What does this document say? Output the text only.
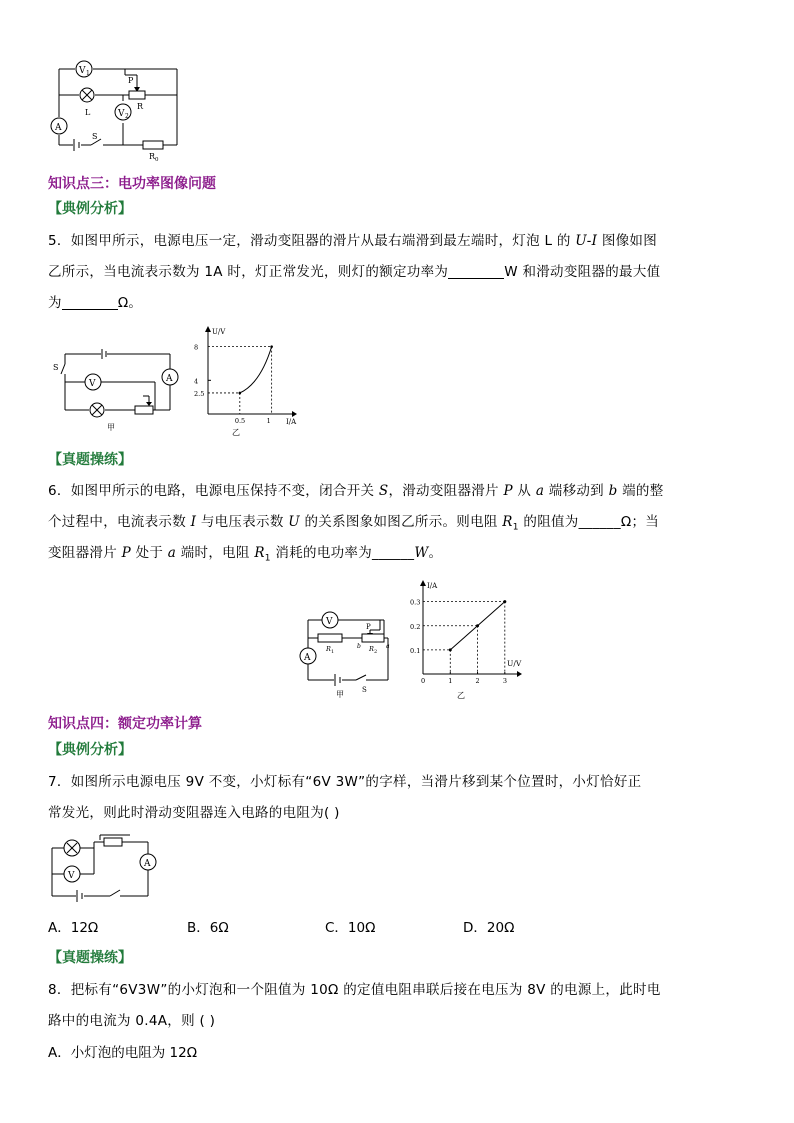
V 1
L
P
R
V 2
A
S
R 0
知识点三：电功率图像问题
【典例分析】
5．如图甲所示，电源电压一定，滑动变阻器的滑片从最右端滑到最左端时，灯泡 L 的 U-I 图像如图
乙所示，当电流表示数为 1A 时，灯正常发光，则灯的额定功率为	W 和滑动变阻器的最大值
为	Ω。
V	A
S
甲
U/V
I/A
乙
2.5
4
8
0.5	1
【真题操练】
6．如图甲所示的电路，电源电压保持不变，闭合开关 S，滑动变阻器滑片 P 从 a 端移动到 b 端的整
个过程中，电流表示数 I 与电压表示数 U 的关系图象如图乙所示。则电阻 $R_1$ 的阻值为______Ω；当
变阻器滑片 P 处于 a 端时，电阻 $R_1$ 消耗的电功率为______W。
V
A
R 1	R 2
P
b	a
S
甲
I/A
U/V
乙
0	1	2	3
0.1
0.2
0.3
知识点四：额定功率计算
【典例分析】
7．如图所示电源电压 9V 不变，小灯标有“6V 3W”的字样，当滑片移到某个位置时，小灯恰好正
常发光，则此时滑动变阻器连入电路的电阻为( )
V
A
A．12Ω	B．6Ω	C．10Ω	D．20Ω
【真题操练】
8．把标有“6V3W”的小灯泡和一个阻值为 10Ω 的定值电阻串联后接在电压为 8V 的电源上，此时电
路中的电流为 0.4A，则 ( )
A．小灯泡的电阻为 12Ω
